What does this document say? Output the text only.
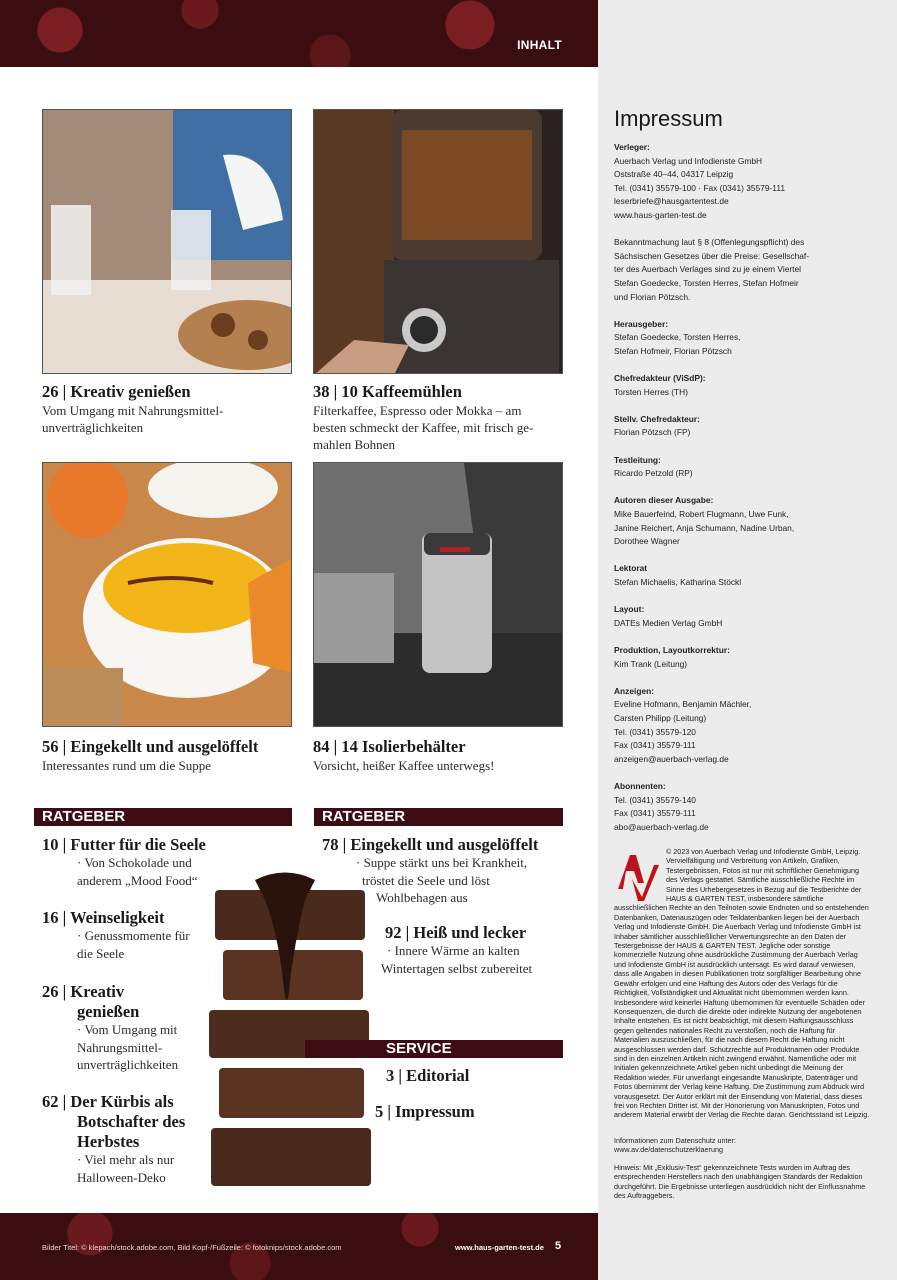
INHALT
26 | Kreativ genießen
Vom Umgang mit Nahrungsmittel-
unverträglichkeiten
38 | 10 Kaffeemühlen
Filterkaffee, Espresso oder Mokka – am
besten schmeckt der Kaffee, mit frisch ge-
mahlen Bohnen
56 | Eingekellt und ausgelöffelt
Interessantes rund um die Suppe
84 | 14 Isolierbehälter
Vorsicht, heißer Kaffee unterwegs!
RATGEBER
10 | Futter für die Seele
· Von Schokolade und
anderem „Mood Food“
16 | Weinseligkeit
· Genussmomente für
die Seele
26 | Kreativ
genießen
· Vom Umgang mit
Nahrungsmittel-
unverträglichkeiten
62 | Der Kürbis als
Botschafter des
Herbstes
· Viel mehr als nur
Halloween-Deko
RATGEBER
78 | Eingekellt und ausgelöffelt
· Suppe stärkt uns bei Krankheit,
tröstet die Seele und löst
Wohlbehagen aus
92 | Heiß und lecker
· Innere Wärme an kalten
Wintertagen selbst zubereitet
SERVICE
3 | Editorial
5 | Impressum
Impressum
Verleger:
Auerbach Verlag und Infodienste GmbH
Oststraße 40–44, 04317 Leipzig
Tel. (0341) 35579-100 · Fax (0341) 35579-111
leserbriefe@hausgartentest.de
www.haus-garten-test.de
Bekanntmachung laut § 8 (Offenlegungspflicht) des
Sächsischen Gesetzes über die Preise: Gesellschaf-
ter des Auerbach Verlages sind zu je einem Viertel
Stefan Goedecke, Torsten Herres, Stefan Hofmeir
und Florian Pötzsch.
Herausgeber:
Stefan Goedecke, Torsten Herres,
Stefan Hofmeir, Florian Pötzsch
Chefredakteur (ViSdP):
Torsten Herres (TH)
Stellv. Chefredakteur:
Florian Pötzsch (FP)
Testleitung:
Ricardo Petzold (RP)
Autoren dieser Ausgabe:
Mike Bauerfeind, Robert Flugmann, Uwe Funk,
Janine Reichert, Anja Schumann, Nadine Urban,
Dorothee Wagner
Lektorat
Stefan Michaelis, Katharina Stöckl
Layout:
DATEs Medien Verlag GmbH
Produktion, Layoutkorrektur:
Kim Trank (Leitung)
Anzeigen:
Eveline Hofmann, Benjamin Mächler,
Carsten Philipp (Leitung)
Tel. (0341) 35579-120
Fax (0341) 35579-111
anzeigen@auerbach-verlag.de
Abonnenten:
Tel. (0341) 35579-140
Fax (0341) 35579-111
abo@auerbach-verlag.de
© 2023 von Auerbach Verlag und Infodienste GmbH, Leipzig. Vervielfältigung und Verbreitung von Artikeln, Grafiken, Testergebnissen, Fotos ist nur mit schriftlicher Genehmigung des Verlags gestattet. Sämtliche ausschließliche Rechte im Sinne des Urhebergesetzes in Bezug auf die Testberichte der HAUS & GARTEN TEST, insbesondere sämtliche ausschließlichen Rechte an den Teilnoten sowie Endnoten und so entstehenden Datenbanken, Datenauszügen oder Teildatenbanken liegen bei der Auerbach Verlag und Infodienste GmbH. Die Auerbach Verlag und Infodienste GmbH ist Inhaber sämtlicher ausschließlicher Verwertungsrechte an den Daten der Testergebnisse der HAUS & GARTEN TEST. Jegliche oder sonstige kommerzielle Nutzung ohne ausdrückliche Zustimmung der Auerbach Verlag und Infodienste GmbH ist ausdrücklich untersagt. Es wird darauf verwiesen, dass alle Angaben in diesen Publikationen trotz sorgfältiger Bearbeitung ohne Gewähr erfolgen und eine Haftung des Autors oder des Verlags für die Richtigkeit, Vollständigkeit und Aktualität nicht übernommen werden kann. Insbesondere wird keinerlei Haftung übernommen für eventuelle Schäden oder Konsequenzen, die durch die direkte oder indirekte Nutzung der angebotenen Inhalte entstehen. Es ist nicht beabsichtigt, mit diesem Haftungsausschluss gegen geltendes nationales Recht zu verstoßen, noch die Haftung für Materialien auszuschließen, für die nach diesem Recht die Haftung nicht ausgeschlossen werden darf. Schutzrechte auf Produktnamen oder Produkte sind in den einzelnen Artikeln nicht zwingend erwähnt. Namentliche oder mit Initialen gekennzeichnete Artikel geben nicht unbedingt die Meinung der Redaktion wieder. Für unverlangt eingesandte Manuskripte, Datenträger und Fotos übernimmt der Verlag keine Haftung. Die Zustimmung zum Abdruck wird vorausgesetzt. Der Autor erklärt mit der Einsendung von Material, dass dieses frei von Rechten Dritter ist. Mit der Honorierung von Manuskripten, Fotos und anderem Material erwirbt der Verlag die Rechte daran. Gerichtsstand ist Leipzig.
Informationen zum Datenschutz unter:
www.av.de/datenschutzerklaerung
Hinweis: Mit „Exklusiv-Test“ gekennzeichnete Tests wurden im Auftrag des entsprechenden Herstellers nach den unabhängigen Standards der Redaktion durchgeführt. Die Ergebnisse unterliegen ausdrücklich nicht der Einflussnahme des Auftraggebers.
Bilder Titel: © klepach/stock.adobe.com, Bild Kopf-/Fußzeile: © fotoknips/stock.adobe.com	www.haus-garten-test.de 5
